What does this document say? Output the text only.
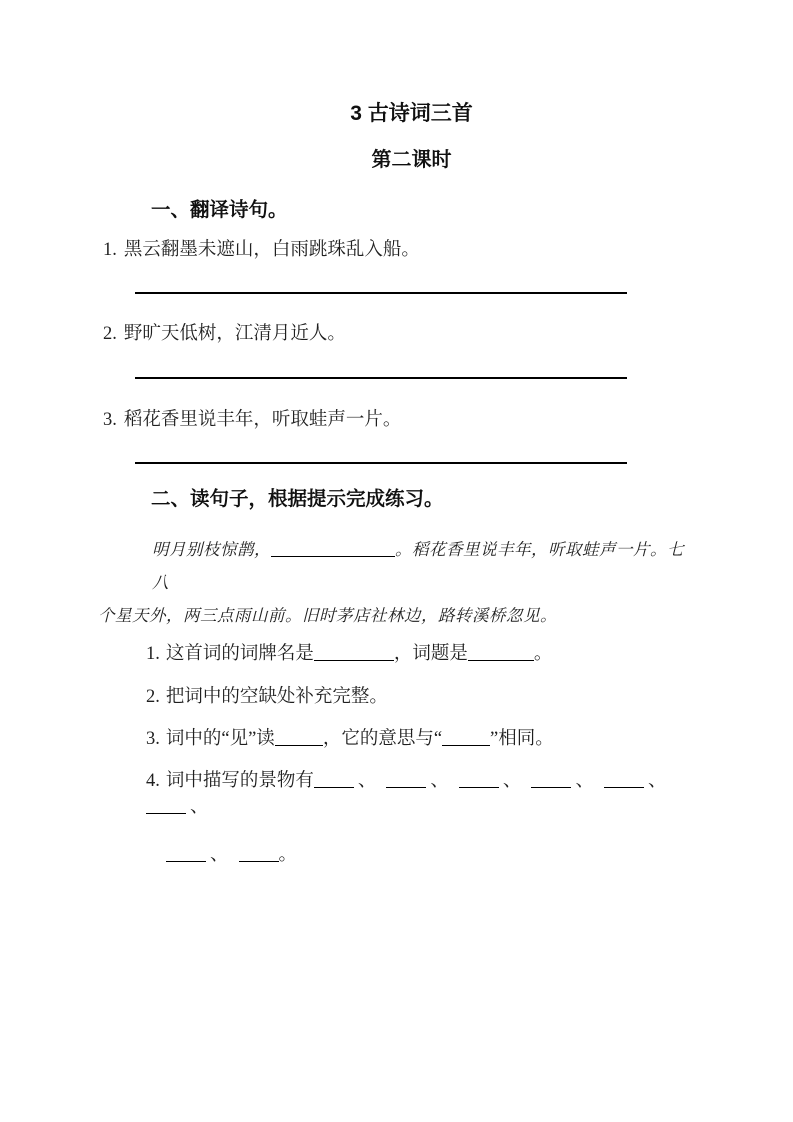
3 古诗词三首
第二课时
一、翻译诗句。
1. 黑云翻墨未遮山，白雨跳珠乱入船。
2. 野旷天低树，江清月近人。
3. 稻花香里说丰年，听取蛙声一片。
二、读句子，根据提示完成练习。
明月别枝惊鹊，	。稻花香里说丰年，听取蛙声一片。七八
个星天外，两三点雨山前。旧时茅店社林边，路转溪桥忽见。
1. 这首词的词牌名是	，词题是	。
2. 把词中的空缺处补充完整。
3. 词中的“见”读	，它的意思与“	”相同。
4. 词中描写的景物有 、	、	、	、	、、
、	。
